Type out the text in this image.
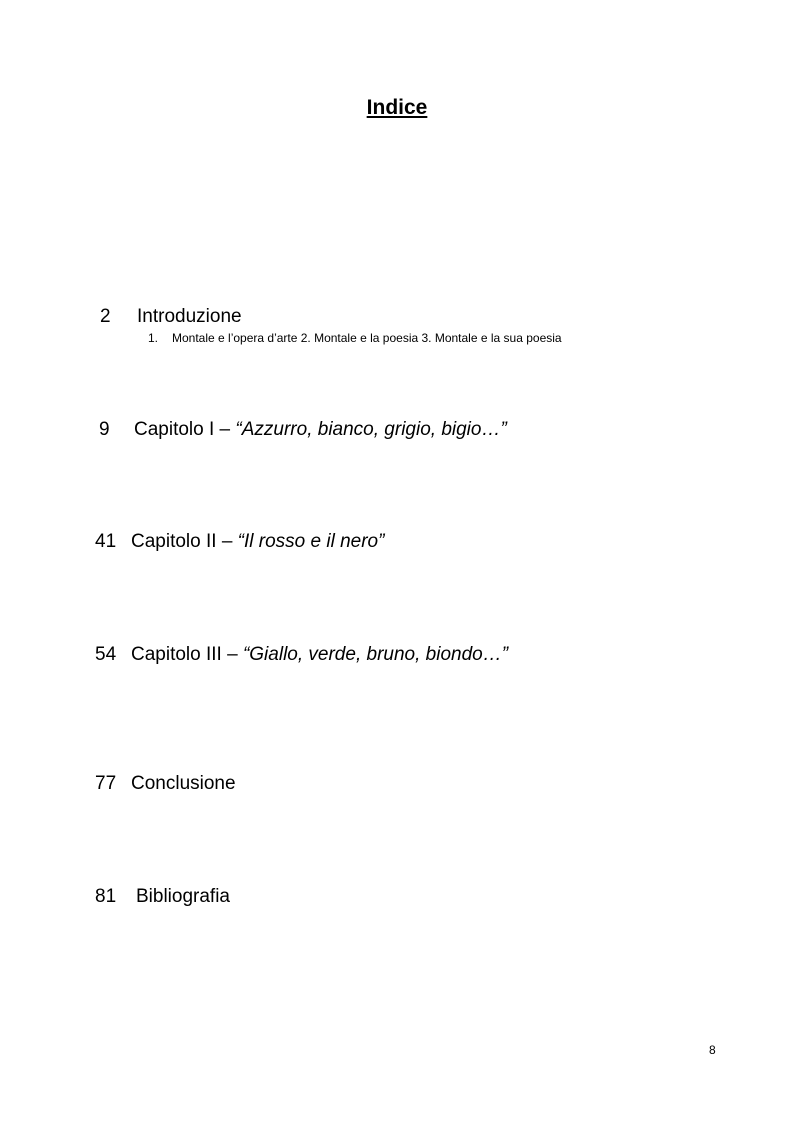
Indice
2 Introduzione
1. Montale e l’opera d’arte 2. Montale e la poesia 3. Montale e la sua poesia
9 Capitolo I – “Azzurro, bianco, grigio, bigio…”
41 Capitolo II – “Il rosso e il nero”
54 Capitolo III – “Giallo, verde, bruno, biondo…”
77 Conclusione
81 Bibliografia
8
